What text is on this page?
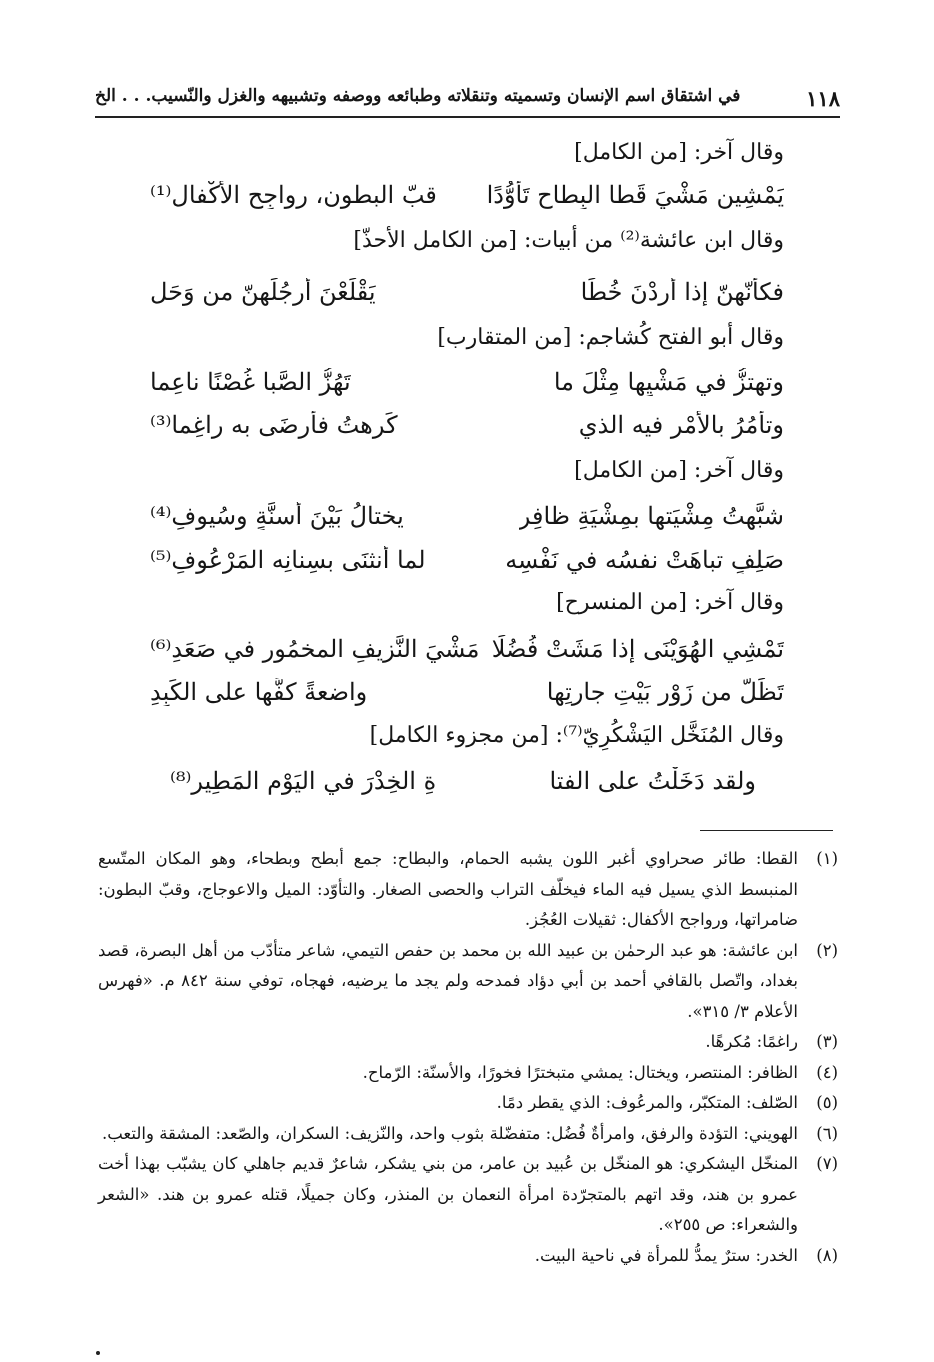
١١٨
في اشتقاق اسم الإنسان وتسميته وتنقلاته وطبائعه ووصفه وتشبيهه والغزل والنّسيب. . . الخ
وقال آخر: [من الكامل]
يَمْشِين مَشْيَ قَطا البِطاحِ تَأَوُّدًا
قبّ البطونِ، رواجِح الأكْفالِ⁽¹⁾
وقال ابن عائشة⁽²⁾ من أبيات: [من الكامل الأحذّ]
فكأنّهنّ إذا أردْنَ خُطًا
يَقْلَعْنَ أرجُلَهنّ من وَحَلِ
وقال أبو الفتح كُشاجم: [من المتقارب]
وتهتزُّ في مَشْيِها مِثْلَ ما
تَهُزُّ الصَّبا غُصْنًا ناعِما
وتأمُرُ بالأمْرِ فيه الذي
كَرِهتُ فأرضَى به راغِما⁽³⁾
وقال آخر: [من الكامل]
شبَّهتُ مِشْيَتها بمِشْيَةِ ظافِرٍ
يختالُ بَيْنَ أسنَّةٍ وسُيوفِ⁽⁴⁾
صَلِفٍ تباهَتْ نفسُه في نَفْسِه
لما أنثنَى بسِنانِه المَرْعُوفِ⁽⁵⁾
وقال آخر: [من المنسرح]
تَمْشِي الهُوَيْنَى إذا مَشَتْ فُضُلًا
مَشْيَ النَّزيفِ المخمُورِ في صَعَدِ⁽⁶⁾
تَظَلُّ من زَوْرِ بَيْتِ جارتِها
واضعةً كفَّها على الكَبِدِ
وقال المُنَخَّل اليَشْكُرِيّ⁽⁷⁾: [من مجزوء الكامل]
ولقد دَخَلْتُ على الفتا
ةِ الخِدْرَ في اليَوْمِ المَطِيرِ⁽⁸⁾
(١)
القطا: طائر صحراوي أغبر اللون يشبه الحمام، والبطاح: جمع أبطح وبطحاء، وهو المكان المتّسع المنبسط الذي يسيل فيه الماء فيخلّف التراب والحصى الصغار. والتأوّد: الميل والاعوجاج، وقبّ البطون: ضامراتها، ورواجح الأكفال: ثقيلات العُجُز.
(٢)
ابن عائشة: هو عبد الرحمٰن بن عبيد الله بن محمد بن حفص التيمي، شاعر متأدّب من أهل البصرة، قصد بغداد، واتّصل بالقافي أحمد بن أبي دؤاد فمدحه ولم يجد ما يرضيه، فهجاه، توفي سنة ٨٤٢ م. «فهرس الأعلام ٣/ ٣١٥».
(٣)
راغمًا: مُكرهًا.
(٤)
الظافر: المنتصر، ويختال: يمشي متبخترًا فخورًا، والأسنّة: الرّماح.
(٥)
الصّلف: المتكبّر، والمرعُوف: الذي يقطر دمًا.
(٦)
الهويني: التؤدة والرفق، وامرأةٌ فُضُل: متفضّلة بثوب واحد، والنّزيف: السكران، والصّعد: المشقة والتعب.
(٧)
المنخّل اليشكري: هو المنخّل بن عُبيد بن عامر، من بني يشكر، شاعرٌ قديم جاهلي كان يشبّب بهذا أخت عمرو بن هند، وقد اتهم بالمتجرّدة امرأة النعمان بن المنذر، وكان جميلًا، قتله عمرو بن هند. «الشعر والشعراء: ص ٢٥٥».
(٨)
الخدر: سترٌ يمدُّ للمرأة في ناحية البيت.
